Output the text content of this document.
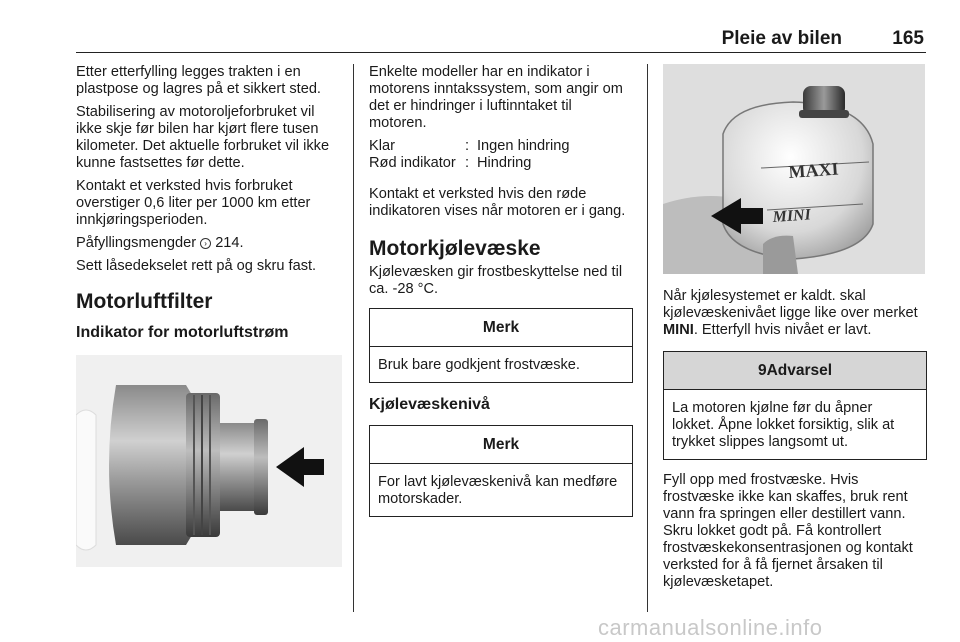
Pleie av bilen	165

Etter etterfylling legges trakten i en plastpose og lagres på et sikkert sted.

Stabilisering av motoroljeforbruket vil ikke skje før bilen har kjørt flere tusen kilometer. Det aktuelle forbruket vil ikke kunne fastsettes før dette.

Kontakt et verksted hvis forbruket overstiger 0,6 liter per 1000 km etter innkjøringsperioden.

Påfyllingsmengder › 214.

Sett låsedekselet rett på og skru fast.

Motorluftfilter
Indikator for motorluftstrøm

Enkelte modeller har en indikator i motorens inntakssystem, som angir om det er hindringer i luftinntaket til motoren.

Klar	: Ingen hindring
Rød indikator : Hindring

Kontakt et verksted hvis den røde indikatoren vises når motoren er i gang.

Motorkjølevæske

Kjølevæsken gir frostbeskyttelse ned til ca. -28 °C.

Merk
Bruk bare godkjent frostvæske.
Kjølevæskenivå
Merk
For lavt kjølevæskenivå kan medføre motorskader.
MAXI
MINI

Når kjølesystemet er kaldt. skal kjølevæskenivået ligge like over merket MINI. Etterfyll hvis nivået er lavt.

9Advarsel
La motoren kjølne før du åpner lokket. Åpne lokket forsiktig, slik at trykket slippes langsomt ut.

Fyll opp med frostvæske. Hvis frostvæske ikke kan skaffes, bruk rent vann fra springen eller destillert vann. Skru lokket godt på. Få kontrollert frostvæskekonsentrasjonen og kontakt verksted for å få fjernet årsaken til kjølevæsketapet.

carmanualsonline.info
